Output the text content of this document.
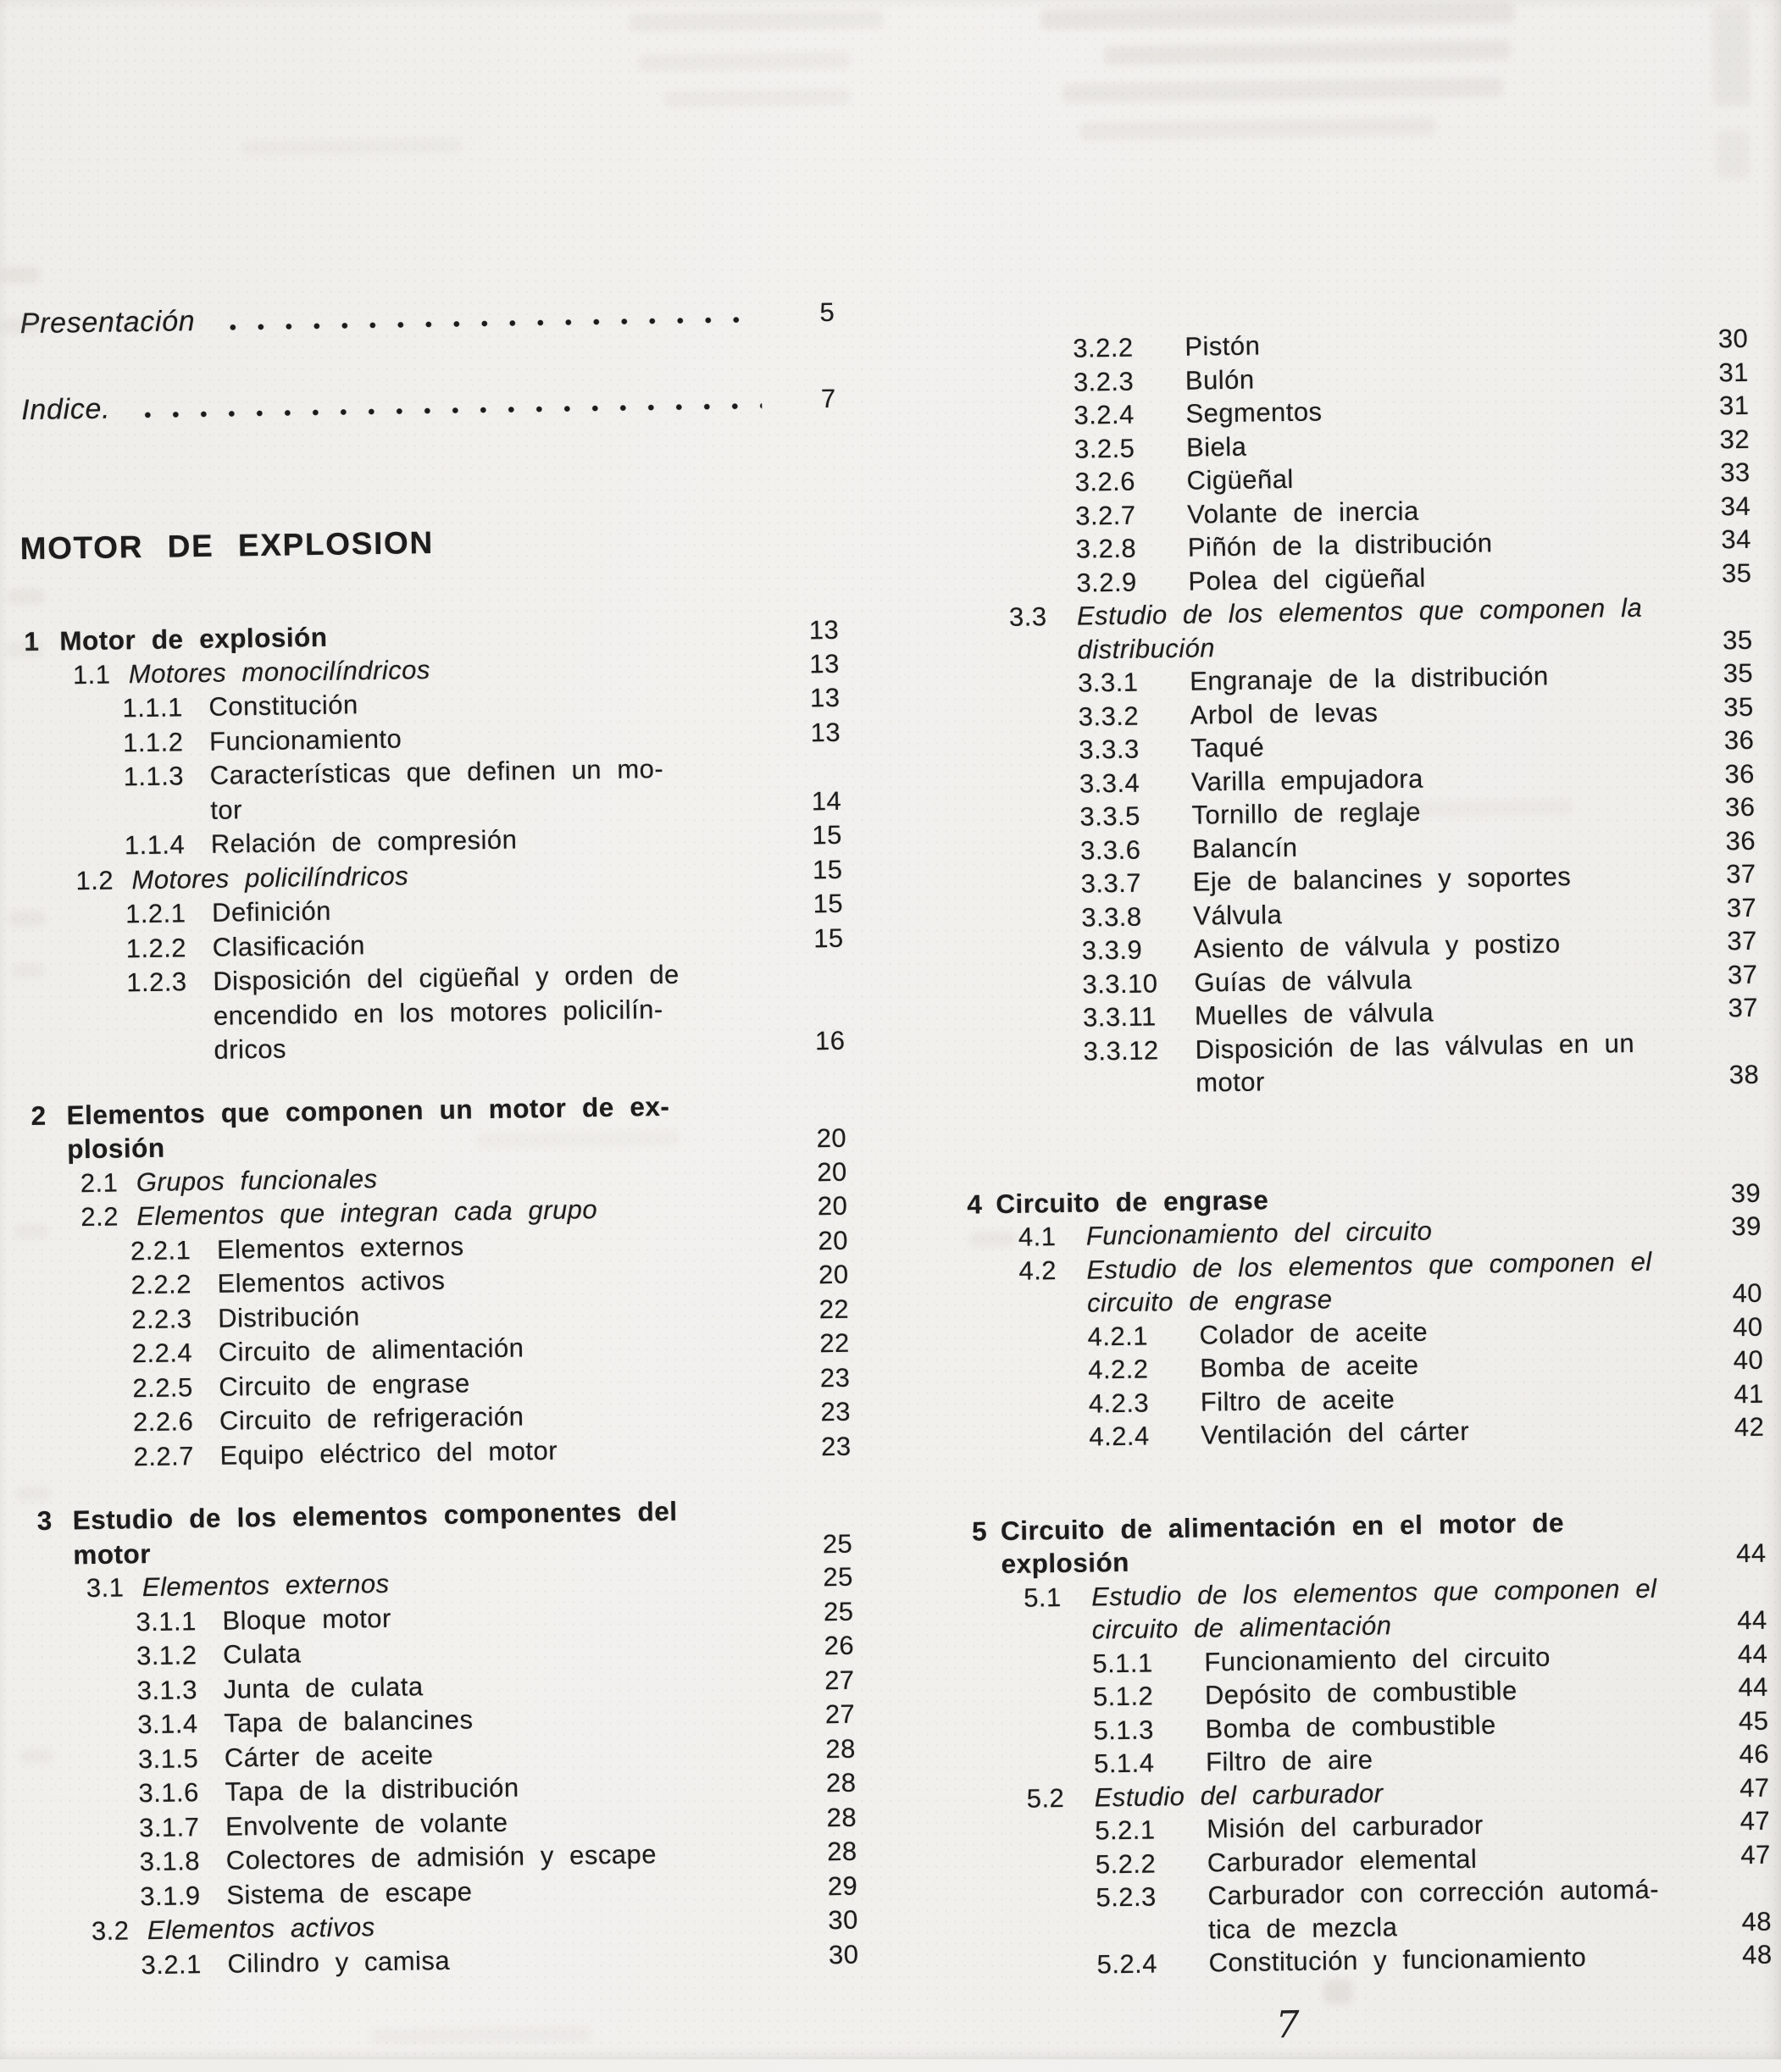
Presentación	5
Indice.	7
MOTOR DE EXPLOSION
1 Motor de explosión	13
1.1 Motores monocilíndricos	13
1.1.1 Constitución	13
1.1.2 Funcionamiento	13
1.1.3 Características que definen un mo-
tor	14
1.1.4 Relación de compresión	15
1.2 Motores policilíndricos	15
1.2.1 Definición	15
1.2.2 Clasificación	15
1.2.3 Disposición del cigüeñal y orden de
encendido en los motores policilín-
dricos	16
2 Elementos que componen un motor de ex-
plosión	20
2.1 Grupos funcionales	20
2.2 Elementos que integran cada grupo	20
2.2.1 Elementos externos	20
2.2.2 Elementos activos	20
2.2.3 Distribución	22
2.2.4 Circuito de alimentación	22
2.2.5 Circuito de engrase	23
2.2.6 Circuito de refrigeración	23
2.2.7 Equipo eléctrico del motor	23
3 Estudio de los elementos componentes del
motor	25
3.1 Elementos externos	25
3.1.1 Bloque motor	25
3.1.2 Culata	26
3.1.3 Junta de culata	27
3.1.4 Tapa de balancines	27
3.1.5 Cárter de aceite	28
3.1.6 Tapa de la distribución	28
3.1.7 Envolvente de volante	28
3.1.8 Colectores de admisión y escape	28
3.1.9 Sistema de escape	29
3.2 Elementos activos	30
3.2.1 Cilindro y camisa	30
3.2.2	Pistón	30
3.2.3	Bulón	31
3.2.4	Segmentos	31
3.2.5	Biela	32
3.2.6	Cigüeñal	33
3.2.7	Volante de inercia	34
3.2.8	Piñón de la distribución	34
3.2.9	Polea del cigüeñal	35
3.3	Estudio de los elementos que componen la
distribución	35
3.3.1	Engranaje de la distribución	35
3.3.2	Arbol de levas	35
3.3.3	Taqué	36
3.3.4	Varilla empujadora	36
3.3.5	Tornillo de reglaje	36
3.3.6	Balancín	36
3.3.7	Eje de balancines y soportes	37
3.3.8	Válvula	37
3.3.9	Asiento de válvula y postizo	37
3.3.10	Guías de válvula	37
3.3.11	Muelles de válvula	37
3.3.12	Disposición de las válvulas en un
motor	38
4 Circuito de engrase	39
4.1	Funcionamiento del circuito	39
4.2	Estudio de los elementos que componen el
circuito de engrase	40
4.2.1	Colador de aceite	40
4.2.2	Bomba de aceite	40
4.2.3	Filtro de aceite	41
4.2.4	Ventilación del cárter	42
5 Circuito de alimentación en el motor de
explosión	44
5.1	Estudio de los elementos que componen el
circuito de alimentación	44
5.1.1	Funcionamiento del circuito	44
5.1.2	Depósito de combustible	44
5.1.3	Bomba de combustible	45
5.1.4	Filtro de aire	46
5.2	Estudio del carburador	47
5.2.1	Misión del carburador	47
5.2.2	Carburador elemental	47
5.2.3	Carburador con corrección automá-
tica de mezcla	48
5.2.4	Constitución y funcionamiento	48
7
